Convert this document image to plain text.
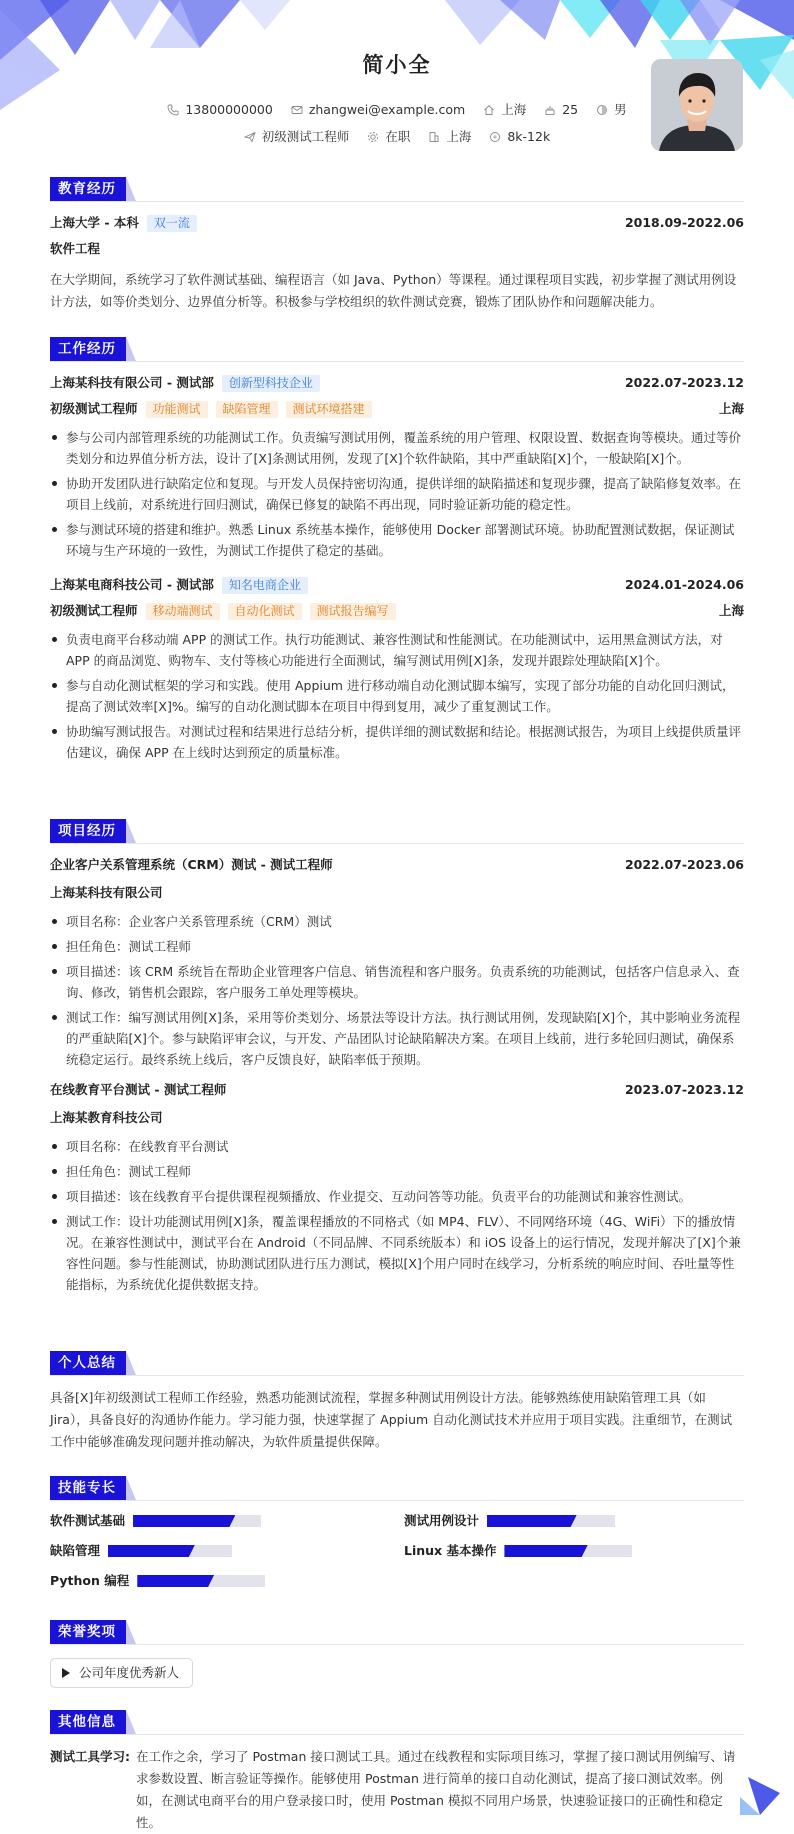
简小全
13800000000	zhangwei@example.com	上海	25	男
初级测试工程师	在职	上海	8k-12k
教育经历
上海大学 - 本科	双一流	2018.09-2022.06
软件工程
在大学期间，系统学习了软件测试基础、编程语言（如 Java、Python）等课程。通过课程项目实践，初步掌握了测试用例设计方法，如等价类划分、边界值分析等。积极参与学校组织的软件测试竞赛，锻炼了团队协作和问题解决能力。
工作经历
上海某科技有限公司 - 测试部	创新型科技企业	2022.07-2023.12
初级测试工程师	功能测试	缺陷管理	测试环境搭建	上海
参与公司内部管理系统的功能测试工作。负责编写测试用例，覆盖系统的用户管理、权限设置、数据查询等模块。通过等价类划分和边界值分析方法，设计了[X]条测试用例，发现了[X]个软件缺陷，其中严重缺陷[X]个，一般缺陷[X]个。
协助开发团队进行缺陷定位和复现。与开发人员保持密切沟通，提供详细的缺陷描述和复现步骤，提高了缺陷修复效率。在项目上线前，对系统进行回归测试，确保已修复的缺陷不再出现，同时验证新功能的稳定性。
参与测试环境的搭建和维护。熟悉 Linux 系统基本操作，能够使用 Docker 部署测试环境。协助配置测试数据，保证测试环境与生产环境的一致性，为测试工作提供了稳定的基础。
上海某电商科技公司 - 测试部	知名电商企业	2024.01-2024.06
初级测试工程师	移动端测试	自动化测试	测试报告编写	上海
负责电商平台移动端 APP 的测试工作。执行功能测试、兼容性测试和性能测试。在功能测试中，运用黑盒测试方法，对 APP 的商品浏览、购物车、支付等核心功能进行全面测试，编写测试用例[X]条，发现并跟踪处理缺陷[X]个。
参与自动化测试框架的学习和实践。使用 Appium 进行移动端自动化测试脚本编写，实现了部分功能的自动化回归测试，提高了测试效率[X]%。编写的自动化测试脚本在项目中得到复用，减少了重复测试工作。
协助编写测试报告。对测试过程和结果进行总结分析，提供详细的测试数据和结论。根据测试报告，为项目上线提供质量评估建议，确保 APP 在上线时达到预定的质量标准。
项目经历
企业客户关系管理系统（CRM）测试 - 测试工程师	2022.07-2023.06
上海某科技有限公司
项目名称：企业客户关系管理系统（CRM）测试
担任角色：测试工程师
项目描述：该 CRM 系统旨在帮助企业管理客户信息、销售流程和客户服务。负责系统的功能测试，包括客户信息录入、查询、修改，销售机会跟踪，客户服务工单处理等模块。
测试工作：编写测试用例[X]条，采用等价类划分、场景法等设计方法。执行测试用例，发现缺陷[X]个，其中影响业务流程的严重缺陷[X]个。参与缺陷评审会议，与开发、产品团队讨论缺陷解决方案。在项目上线前，进行多轮回归测试，确保系统稳定运行。最终系统上线后，客户反馈良好，缺陷率低于预期。
在线教育平台测试 - 测试工程师	2023.07-2023.12
上海某教育科技公司
项目名称：在线教育平台测试
担任角色：测试工程师
项目描述：该在线教育平台提供课程视频播放、作业提交、互动问答等功能。负责平台的功能测试和兼容性测试。
测试工作：设计功能测试用例[X]条，覆盖课程播放的不同格式（如 MP4、FLV）、不同网络环境（4G、WiFi）下的播放情况。在兼容性测试中，测试平台在 Android（不同品牌、不同系统版本）和 iOS 设备上的运行情况，发现并解决了[X]个兼容性问题。参与性能测试，协助测试团队进行压力测试，模拟[X]个用户同时在线学习，分析系统的响应时间、吞吐量等性能指标，为系统优化提供数据支持。
个人总结
具备[X]年初级测试工程师工作经验，熟悉功能测试流程，掌握多种测试用例设计方法。能够熟练使用缺陷管理工具（如 Jira），具备良好的沟通协作能力。学习能力强，快速掌握了 Appium 自动化测试技术并应用于项目实践。注重细节，在测试工作中能够准确发现问题并推动解决，为软件质量提供保障。
技能专长
软件测试基础	测试用例设计
缺陷管理	Linux 基本操作
Python 编程
荣誉奖项
公司年度优秀新人
其他信息
测试工具学习: 在工作之余，学习了 Postman 接口测试工具。通过在线教程和实际项目练习，掌握了接口测试用例编写、请求参数设置、断言验证等操作。能够使用 Postman 进行简单的接口自动化测试，提高了接口测试效率。例如，在测试电商平台的用户登录接口时，使用 Postman 模拟不同用户场景，快速验证接口的正确性和稳定性。
